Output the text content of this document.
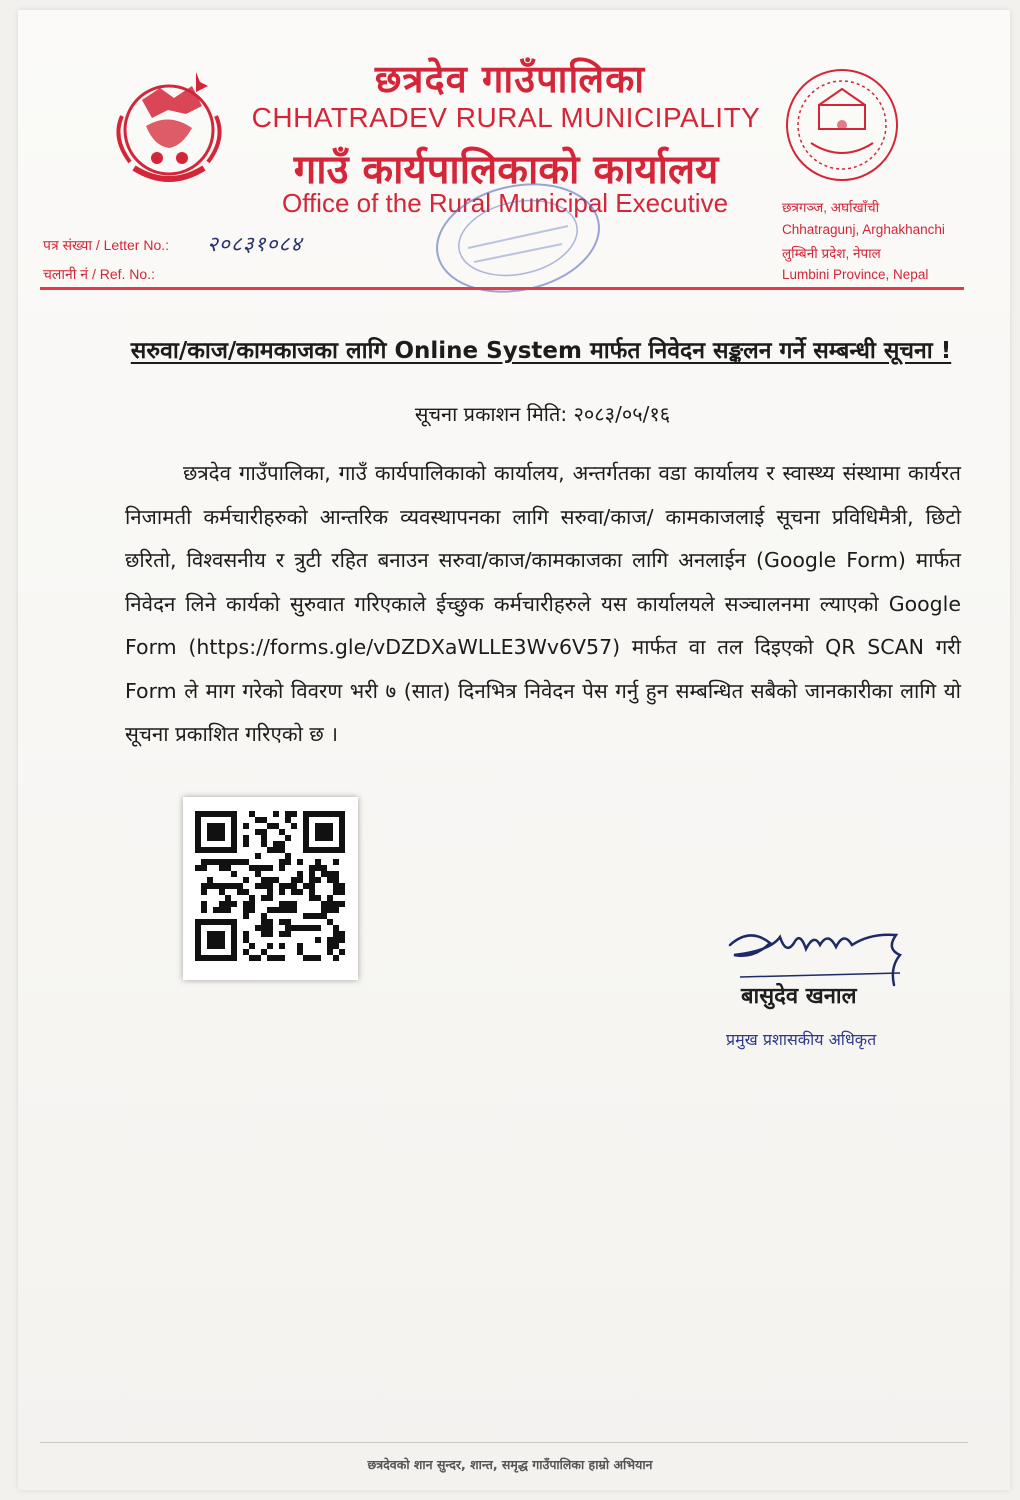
छत्रदेव गाउँपालिका
CHHATRADEV RURAL MUNICIPALITY
गाउँ कार्यपालिकाको कार्यालय
Office of the Rural Municipal Executive	छत्रगञ्ज, अर्घाखाँची
Chhatragunj, Arghakhanchi
लुम्बिनी प्रदेश, नेपाल
Lumbini Province, Nepal
पत्र संख्या / Letter No.: २०८३१०८४
चलानी नं / Ref. No.:
सरुवा/काज/कामकाजका लागि Online System मार्फत निवेदन सङ्कलन गर्ने सम्बन्धी सूचना !
सूचना प्रकाशन मिति: २०८३/०५/१६
छत्रदेव गाउँपालिका, गाउँ कार्यपालिकाको कार्यालय, अन्तर्गतका वडा कार्यालय र स्वास्थ्य संस्थामा कार्यरत निजामती कर्मचारीहरुको आन्तरिक व्यवस्थापनका लागि सरुवा/काज/ कामकाजलाई सूचना प्रविधिमैत्री, छिटो छरितो, विश्वसनीय र त्रुटी रहित बनाउन सरुवा/काज/कामकाजका लागि अनलाईन (Google Form) मार्फत निवेदन लिने कार्यको सुरुवात गरिएकाले ईच्छुक कर्मचारीहरुले यस कार्यालयले सञ्चालनमा ल्याएको Google Form (https://forms.gle/vDZDXaWLLE3Wv6V57) मार्फत वा तल दिइएको QR SCAN गरी Form ले माग गरेको विवरण भरी ७ (सात) दिनभित्र निवेदन पेस गर्नु हुन सम्बन्धित सबैको जानकारीका लागि यो सूचना प्रकाशित गरिएको छ ।
बासुदेव खनाल
प्रमुख प्रशासकीय अधिकृत
छत्रदेवको शान सुन्दर, शान्त, समृद्ध गाउँपालिका हाम्रो अभियान
